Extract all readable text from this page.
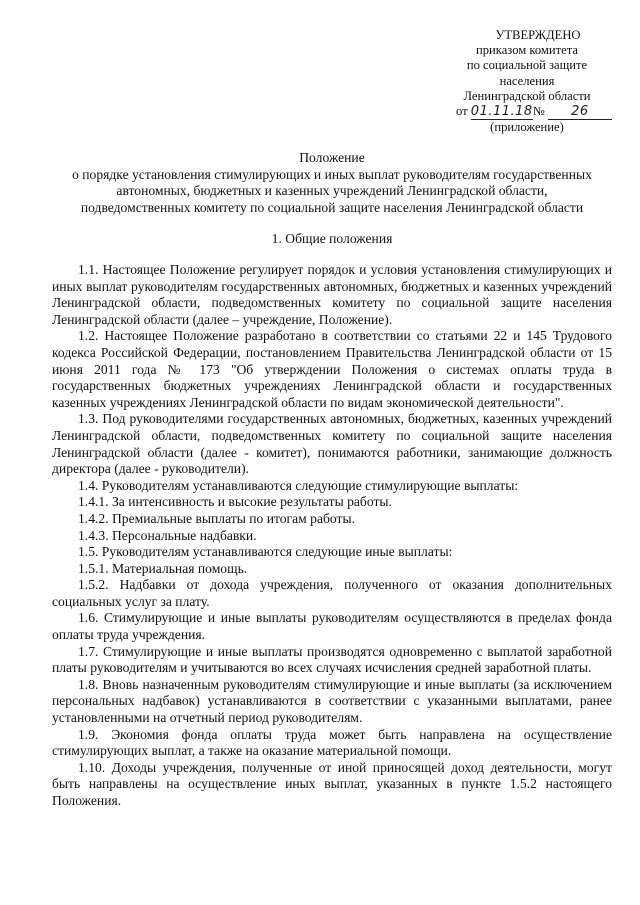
УТВЕРЖДЕНО
приказом комитета
по социальной защите населения
Ленинградской области
от 01.11.18№ 26
(приложение)
Положение
о порядке установления стимулирующих и иных выплат руководителям государственных
автономных, бюджетных и казенных учреждений Ленинградской области,
подведомственных комитету по социальной защите населения Ленинградской области
1. Общие положения

1.1. Настоящее Положение регулирует порядок и условия установления стимулирующих и иных выплат руководителям государственных автономных, бюджетных и казенных учреждений Ленинградской области, подведомственных комитету по социальной защите населения Ленинградской области (далее – учреждение, Положение).

1.2. Настоящее Положение разработано в соответствии со статьями 22 и 145 Трудового кодекса Российской Федерации, постановлением Правительства Ленинградской области от 15 июня 2011 года № 173 "Об утверждении Положения о системах оплаты труда в государственных бюджетных учреждениях Ленинградской области и государственных казенных учреждениях Ленинградской области по видам экономической деятельности".

1.3. Под руководителями государственных автономных, бюджетных, казенных учреждений Ленинградской области, подведомственных комитету по социальной защите населения Ленинградской области (далее - комитет), понимаются работники, занимающие должность директора (далее - руководители).

1.4. Руководителям устанавливаются следующие стимулирующие выплаты:

1.4.1. За интенсивность и высокие результаты работы.

1.4.2. Премиальные выплаты по итогам работы.

1.4.3. Персональные надбавки.

1.5. Руководителям устанавливаются следующие иные выплаты:

1.5.1. Материальная помощь.

1.5.2. Надбавки от дохода учреждения, полученного от оказания дополнительных социальных услуг за плату.

1.6. Стимулирующие и иные выплаты руководителям осуществляются в пределах фонда оплаты труда учреждения.

1.7. Стимулирующие и иные выплаты производятся одновременно с выплатой заработной платы руководителям и учитываются во всех случаях исчисления средней заработной платы.

1.8. Вновь назначенным руководителям стимулирующие и иные выплаты (за исключением персональных надбавок) устанавливаются в соответствии с указанными выплатами, ранее установленными на отчетный период руководителям.

1.9. Экономия фонда оплаты труда может быть направлена на осуществление стимулирующих выплат, а также на оказание материальной помощи.

1.10. Доходы учреждения, полученные от иной приносящей доход деятельности, могут быть направлены на осуществление иных выплат, указанных в пункте 1.5.2 настоящего Положения.
